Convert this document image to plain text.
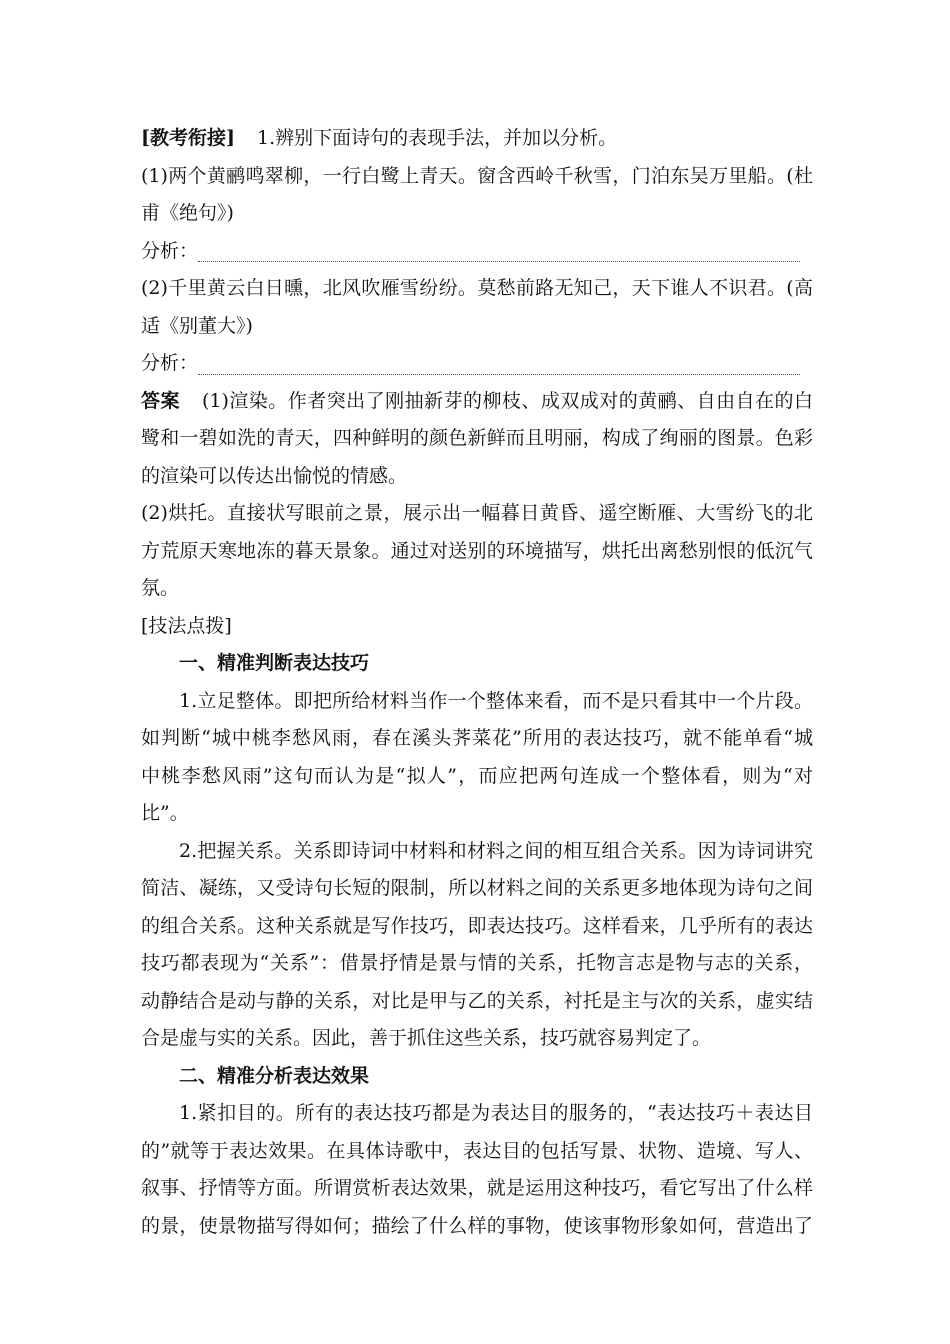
[教考衔接] 1.辨别下面诗句的表现手法，并加以分析。
(1)两个黄鹂鸣翠柳，一行白鹭上青天。窗含西岭千秋雪，门泊东吴万里船。(杜
甫《绝句》)
分析：
(2)千里黄云白日曛，北风吹雁雪纷纷。莫愁前路无知己，天下谁人不识君。(高
适《别董大》)
分析：
答案 (1)渲染。作者突出了刚抽新芽的柳枝、成双成对的黄鹂、自由自在的白
鹭和一碧如洗的青天，四种鲜明的颜色新鲜而且明丽，构成了绚丽的图景。色彩
的渲染可以传达出愉悦的情感。
(2)烘托。直接状写眼前之景，展示出一幅暮日黄昏、遥空断雁、大雪纷飞的北
方荒原天寒地冻的暮天景象。通过对送别的环境描写，烘托出离愁别恨的低沉气
氛。
[技法点拨]
一、精准判断表达技巧
1.立足整体。即把所给材料当作一个整体来看，而不是只看其中一个片段。
如判断“城中桃李愁风雨，春在溪头荠菜花”所用的表达技巧，就不能单看“城
中桃李愁风雨”这句而认为是“拟人”，而应把两句连成一个整体看，则为“对
比”。
2.把握关系。关系即诗词中材料和材料之间的相互组合关系。因为诗词讲究
简洁、凝练，又受诗句长短的限制，所以材料之间的关系更多地体现为诗句之间
的组合关系。这种关系就是写作技巧，即表达技巧。这样看来，几乎所有的表达
技巧都表现为“关系”：借景抒情是景与情的关系，托物言志是物与志的关系，
动静结合是动与静的关系，对比是甲与乙的关系，衬托是主与次的关系，虚实结
合是虚与实的关系。因此，善于抓住这些关系，技巧就容易判定了。
二、精准分析表达效果
1.紧扣目的。所有的表达技巧都是为表达目的服务的，“表达技巧＋表达目
的”就等于表达效果。在具体诗歌中，表达目的包括写景、状物、造境、写人、
叙事、抒情等方面。所谓赏析表达效果，就是运用这种技巧，看它写出了什么样
的景，使景物描写得如何；描绘了什么样的事物，使该事物形象如何，营造出了
